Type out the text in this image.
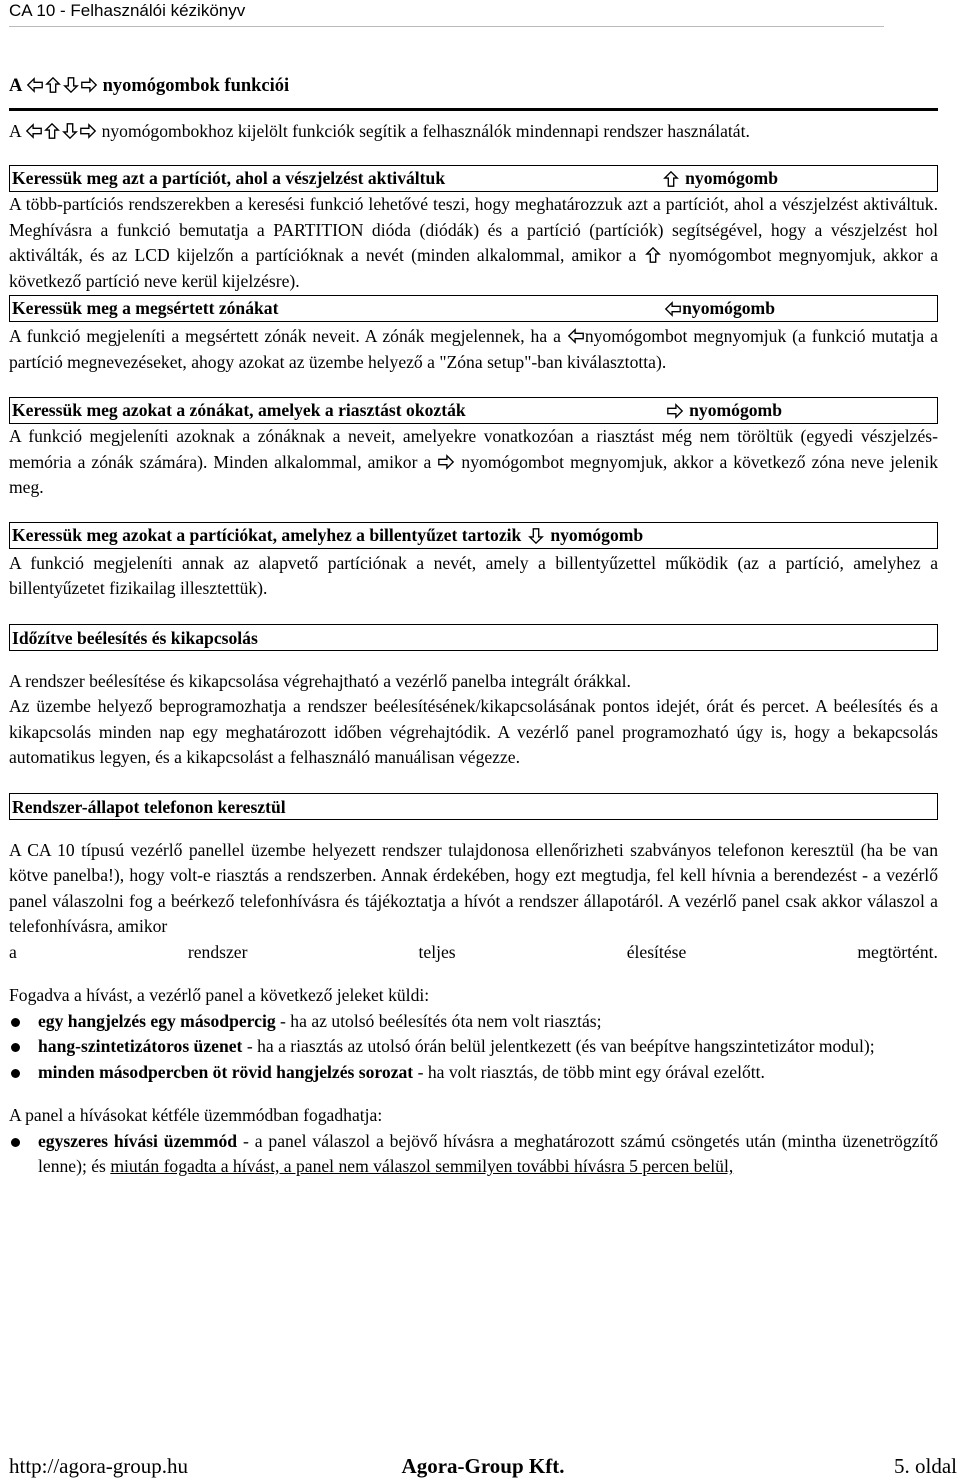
CA 10 - Felhasználói kézikönyv
A	nyomógombok funkciói

A	nyomógombokhoz kijelölt funkciók segítik a felhasználók mindennapi rendszer használatát.

Keressük meg azt a partíciót, ahol a vészjelzést aktiváltuk	nyomógomb

A több-partíciós rendszerekben a keresési funkció lehetővé teszi, hogy meghatározzuk azt a partíciót, ahol a vészjelzést aktiváltuk. Meghívásra a funkció bemutatja a PARTITION dióda (diódák) és a partíció (partíciók) segítségével, hogy a vészjelzést hol aktiválták, és az LCD kijelzőn a partícióknak a nevét (minden alkalommal, amikor a nyomógombot megnyomjuk, akkor a következő partíció neve kerül kijelzésre).

Keressük meg a megsértett zónákat	nyomógomb

A funkció megjeleníti a megsértett zónák neveit. A zónák megjelennek, ha a nyomógombot megnyomjuk (a funkció mutatja a partíció megnevezéseket, ahogy azokat az üzembe helyező a "Zóna setup"-ban kiválasztotta).

Keressük meg azokat a zónákat, amelyek a riasztást okozták	nyomógomb

A funkció megjeleníti azoknak a zónáknak a neveit, amelyekre vonatkozóan a riasztást még nem töröltük (egyedi vészjelzés-memória a zónák számára). Minden alkalommal, amikor a nyomógombot megnyomjuk, akkor a következő zóna neve jelenik meg.

Keressük meg azokat a partíciókat, amelyhez a billentyűzet tartozik nyomógomb

A funkció megjeleníti annak az alapvető partíciónak a nevét, amely a billentyűzettel működik (az a partíció, amelyhez a billentyűzetet fizikailag illesztettük).

Időzítve beélesítés és kikapcsolás

A rendszer beélesítése és kikapcsolása végrehajtható a vezérlő panelba integrált órákkal.

Az üzembe helyező beprogramozhatja a rendszer beélesítésének/kikapcsolásának pontos idejét, órát és percet. A beélesítés és a kikapcsolás minden nap egy meghatározott időben végrehajtódik. A vezérlő panel programozható úgy is, hogy a bekapcsolás automatikus legyen, és a kikapcsolást a felhasználó manuálisan végezze.

Rendszer-állapot telefonon keresztül

A CA 10 típusú vezérlő panellel üzembe helyezett rendszer tulajdonosa ellenőrizheti szabványos telefonon keresztül (ha be van kötve panelba!), hogy volt-e riasztás a rendszerben. Annak érdekében, hogy ezt megtudja, fel kell hívnia a berendezést - a vezérlő panel válaszolni fog a beérkező telefonhívásra és tájékoztatja a hívót a rendszer állapotáról. A vezérlő panel csak akkor válaszol a telefonhívásra, amikor

a	rendszer	teljes	élesítése	megtörtént.

Fogadva a hívást, a vezérlő panel a következő jeleket küldi:

egy hangjelzés egy másodpercig - ha az utolsó beélesítés óta nem volt riasztás;
hang-szintetizátoros üzenet - ha a riasztás az utolsó órán belül jelentkezett (és van beépítve hangszintetizátor modul);
minden másodpercben öt rövid hangjelzés sorozat - ha volt riasztás, de több mint egy órával ezelőtt.

A panel a hívásokat kétféle üzemmódban fogadhatja:

egyszeres hívási üzemmód - a panel válaszol a bejövő hívásra a meghatározott számú csöngetés után (mintha üzenetrögzítő lenne); és miután fogadta a hívást, a panel nem válaszol semmilyen további hívásra 5 percen belül,
http://agora-group.hu	Agora-Group Kft.	5. oldal
